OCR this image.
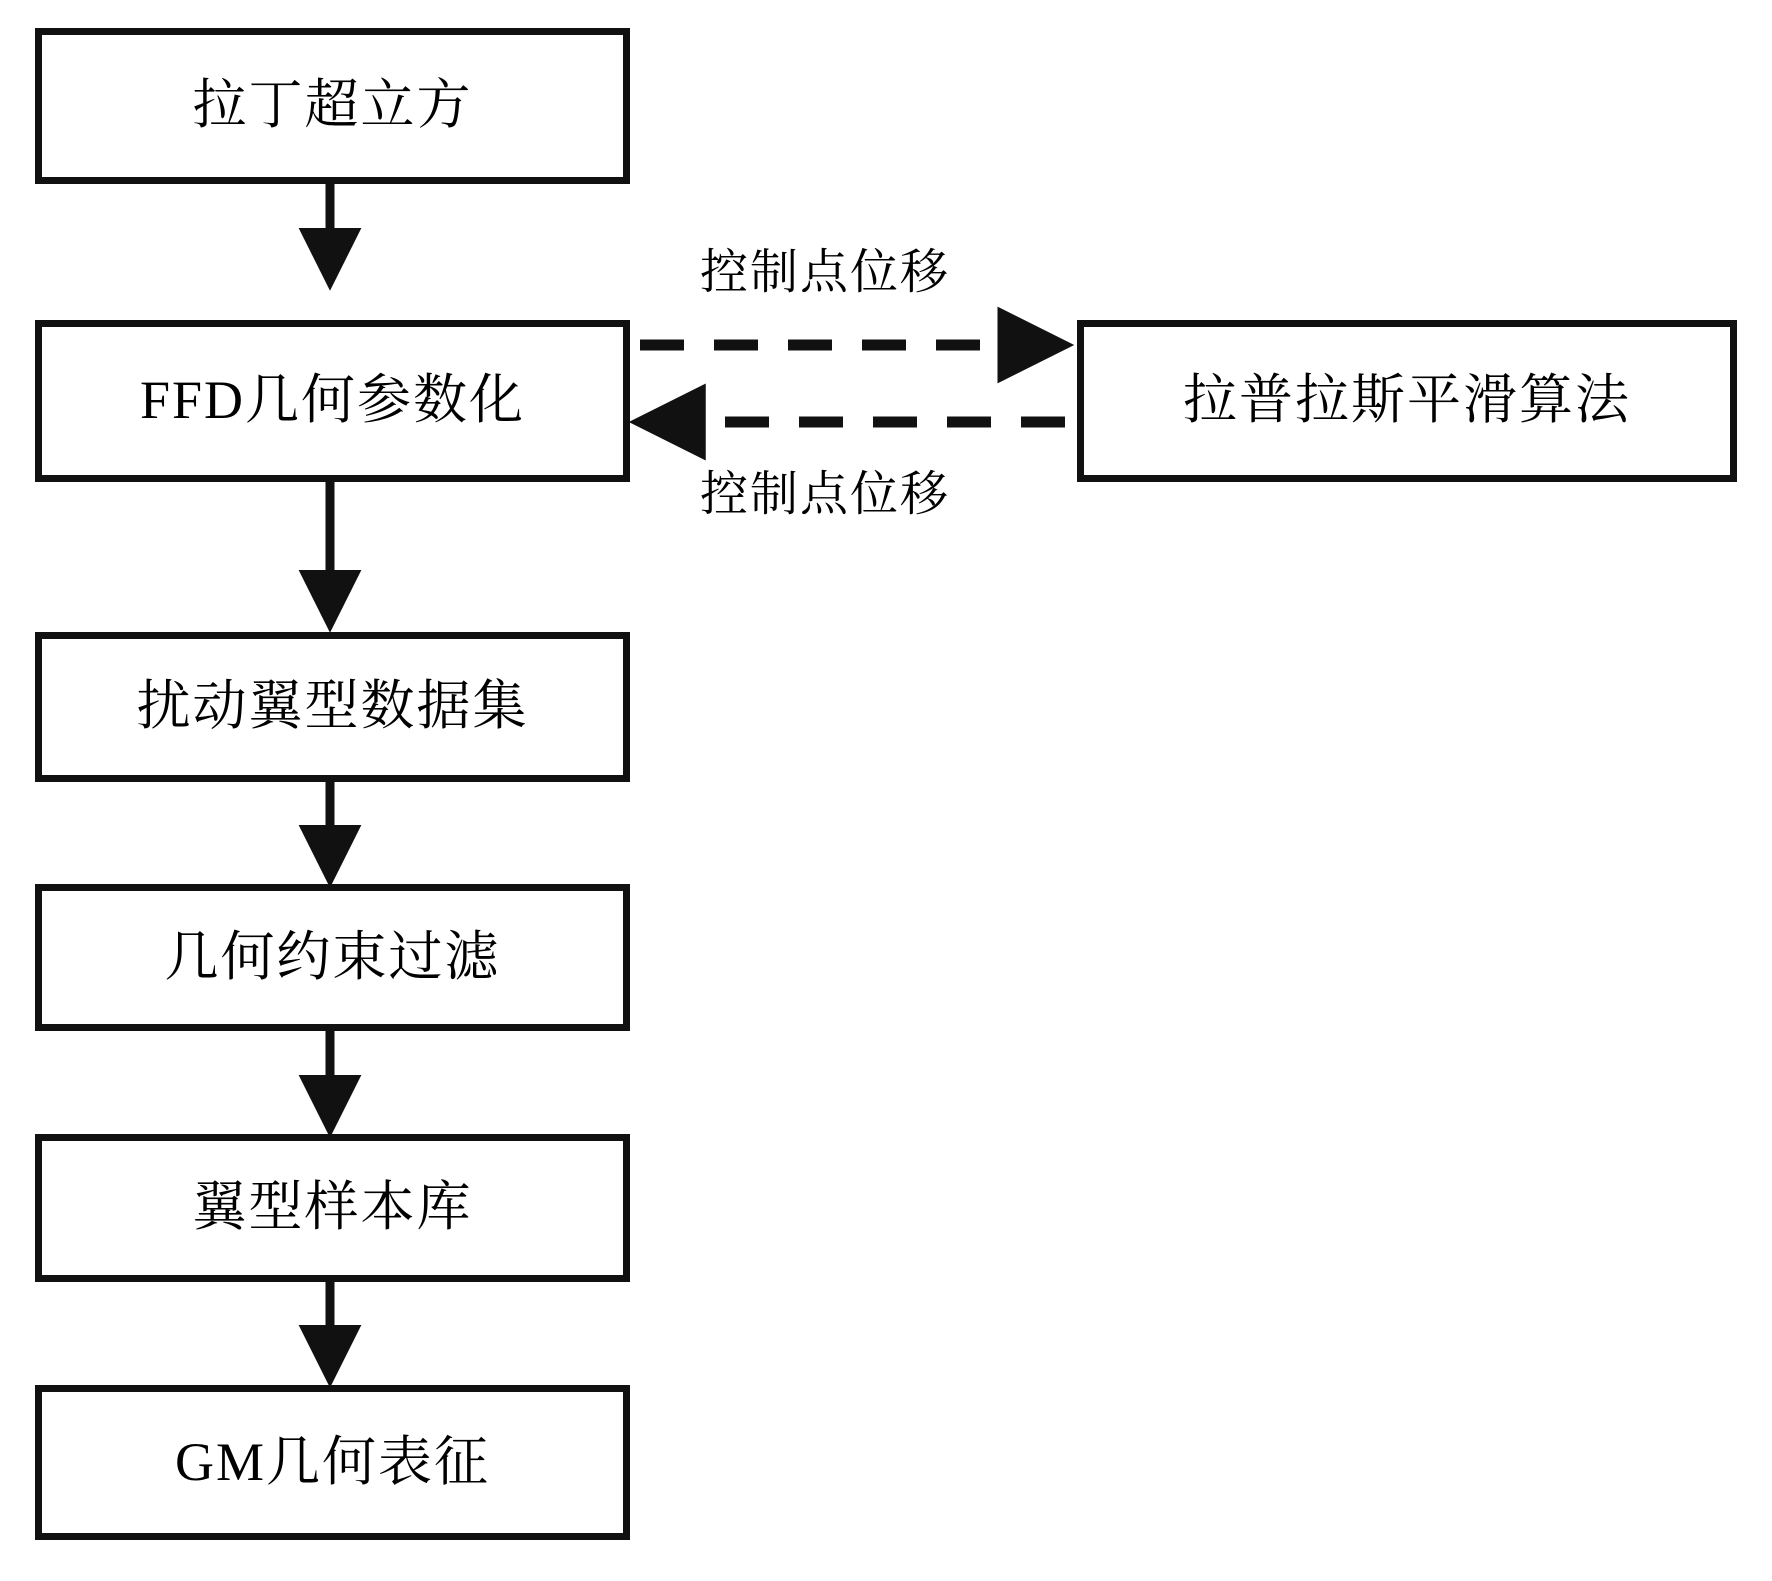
拉丁超立方
FFD几何参数化	拉普拉斯平滑算法
扰动翼型数据集
几何约束过滤
翼型样本库
GM几何表征
控制点位移
控制点位移
